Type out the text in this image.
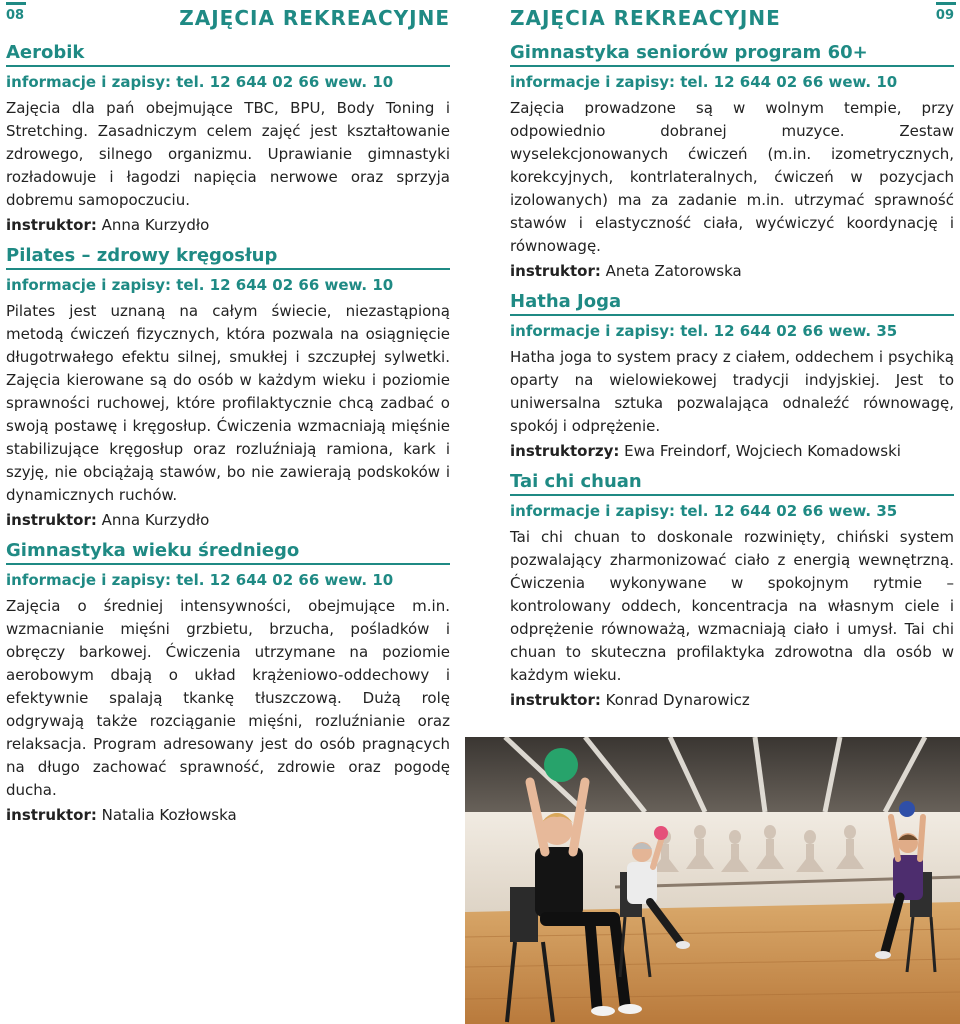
08	ZAJĘCIA REKREACYJNE
Aerobik
informacje i zapisy: tel. 12 644 02 66 wew. 10

Zajęcia dla pań obejmujące TBC, BPU, Body Toning i Stretching. Zasadniczym celem zajęć jest kształtowanie zdrowego, silnego organizmu. Uprawianie gimnastyki rozładowuje i łagodzi napięcia nerwowe oraz sprzyja dobremu samopoczuciu.

instruktor: Anna Kurzydło

Pilates – zdrowy kręgosłup
informacje i zapisy: tel. 12 644 02 66 wew. 10

Pilates jest uznaną na całym świecie, niezastąpioną metodą ćwiczeń fizycznych, która pozwala na osiągnięcie długotrwałego efektu silnej, smukłej i szczupłej sylwetki. Zajęcia kierowane są do osób w każdym wieku i poziomie sprawności ruchowej, które profilaktycznie chcą zadbać o swoją postawę i kręgosłup. Ćwiczenia wzmacniają mięśnie stabilizujące kręgosłup oraz rozluźniają ramiona, kark i szyję, nie obciążają stawów, bo nie zawierają podskoków i dynamicznych ruchów.

instruktor: Anna Kurzydło

Gimnastyka wieku średniego
informacje i zapisy: tel. 12 644 02 66 wew. 10

Zajęcia o średniej intensywności, obejmujące m.in. wzmacnianie mięśni grzbietu, brzucha, pośladków i obręczy barkowej. Ćwiczenia utrzymane na poziomie aerobowym dbają o układ krążeniowo-oddechowy i efektywnie spalają tkankę tłuszczową. Dużą rolę odgrywają także rozciąganie mięśni, rozluźnianie oraz relaksacja. Program adresowany jest do osób pragnących na długo zachować sprawność, zdrowie oraz pogodę ducha.

instruktor: Natalia Kozłowska

ZAJĘCIA REKREACYJNE	09
Gimnastyka seniorów program 60+
informacje i zapisy: tel. 12 644 02 66 wew. 10

Zajęcia prowadzone są w wolnym tempie, przy odpowiednio dobranej muzyce. Zestaw wyselekcjonowanych ćwiczeń (m.in. izometrycznych, korekcyjnych, kontrlateralnych, ćwiczeń w pozycjach izolowanych) ma za zadanie m.in. utrzymać sprawność stawów i elastyczność ciała, wyćwiczyć koordynację i równowagę.

instruktor: Aneta Zatorowska

Hatha Joga
informacje i zapisy: tel. 12 644 02 66 wew. 35

Hatha joga to system pracy z ciałem, oddechem i psychiką oparty na wielowiekowej tradycji indyjskiej. Jest to uniwersalna sztuka pozwalająca odnaleźć równowagę, spokój i odprężenie.

instruktorzy: Ewa Freindorf, Wojciech Komadowski

Tai chi chuan
informacje i zapisy: tel. 12 644 02 66 wew. 35

Tai chi chuan to doskonale rozwinięty, chiński system pozwalający zharmonizować ciało z energią wewnętrzną. Ćwiczenia wykonywane w spokojnym rytmie – kontrolowany oddech, koncentracja na własnym ciele i odprężenie równoważą, wzmacniają ciało i umysł. Tai chi chuan to skuteczna profilaktyka zdrowotna dla osób w każdym wieku.

instruktor: Konrad Dynarowicz
